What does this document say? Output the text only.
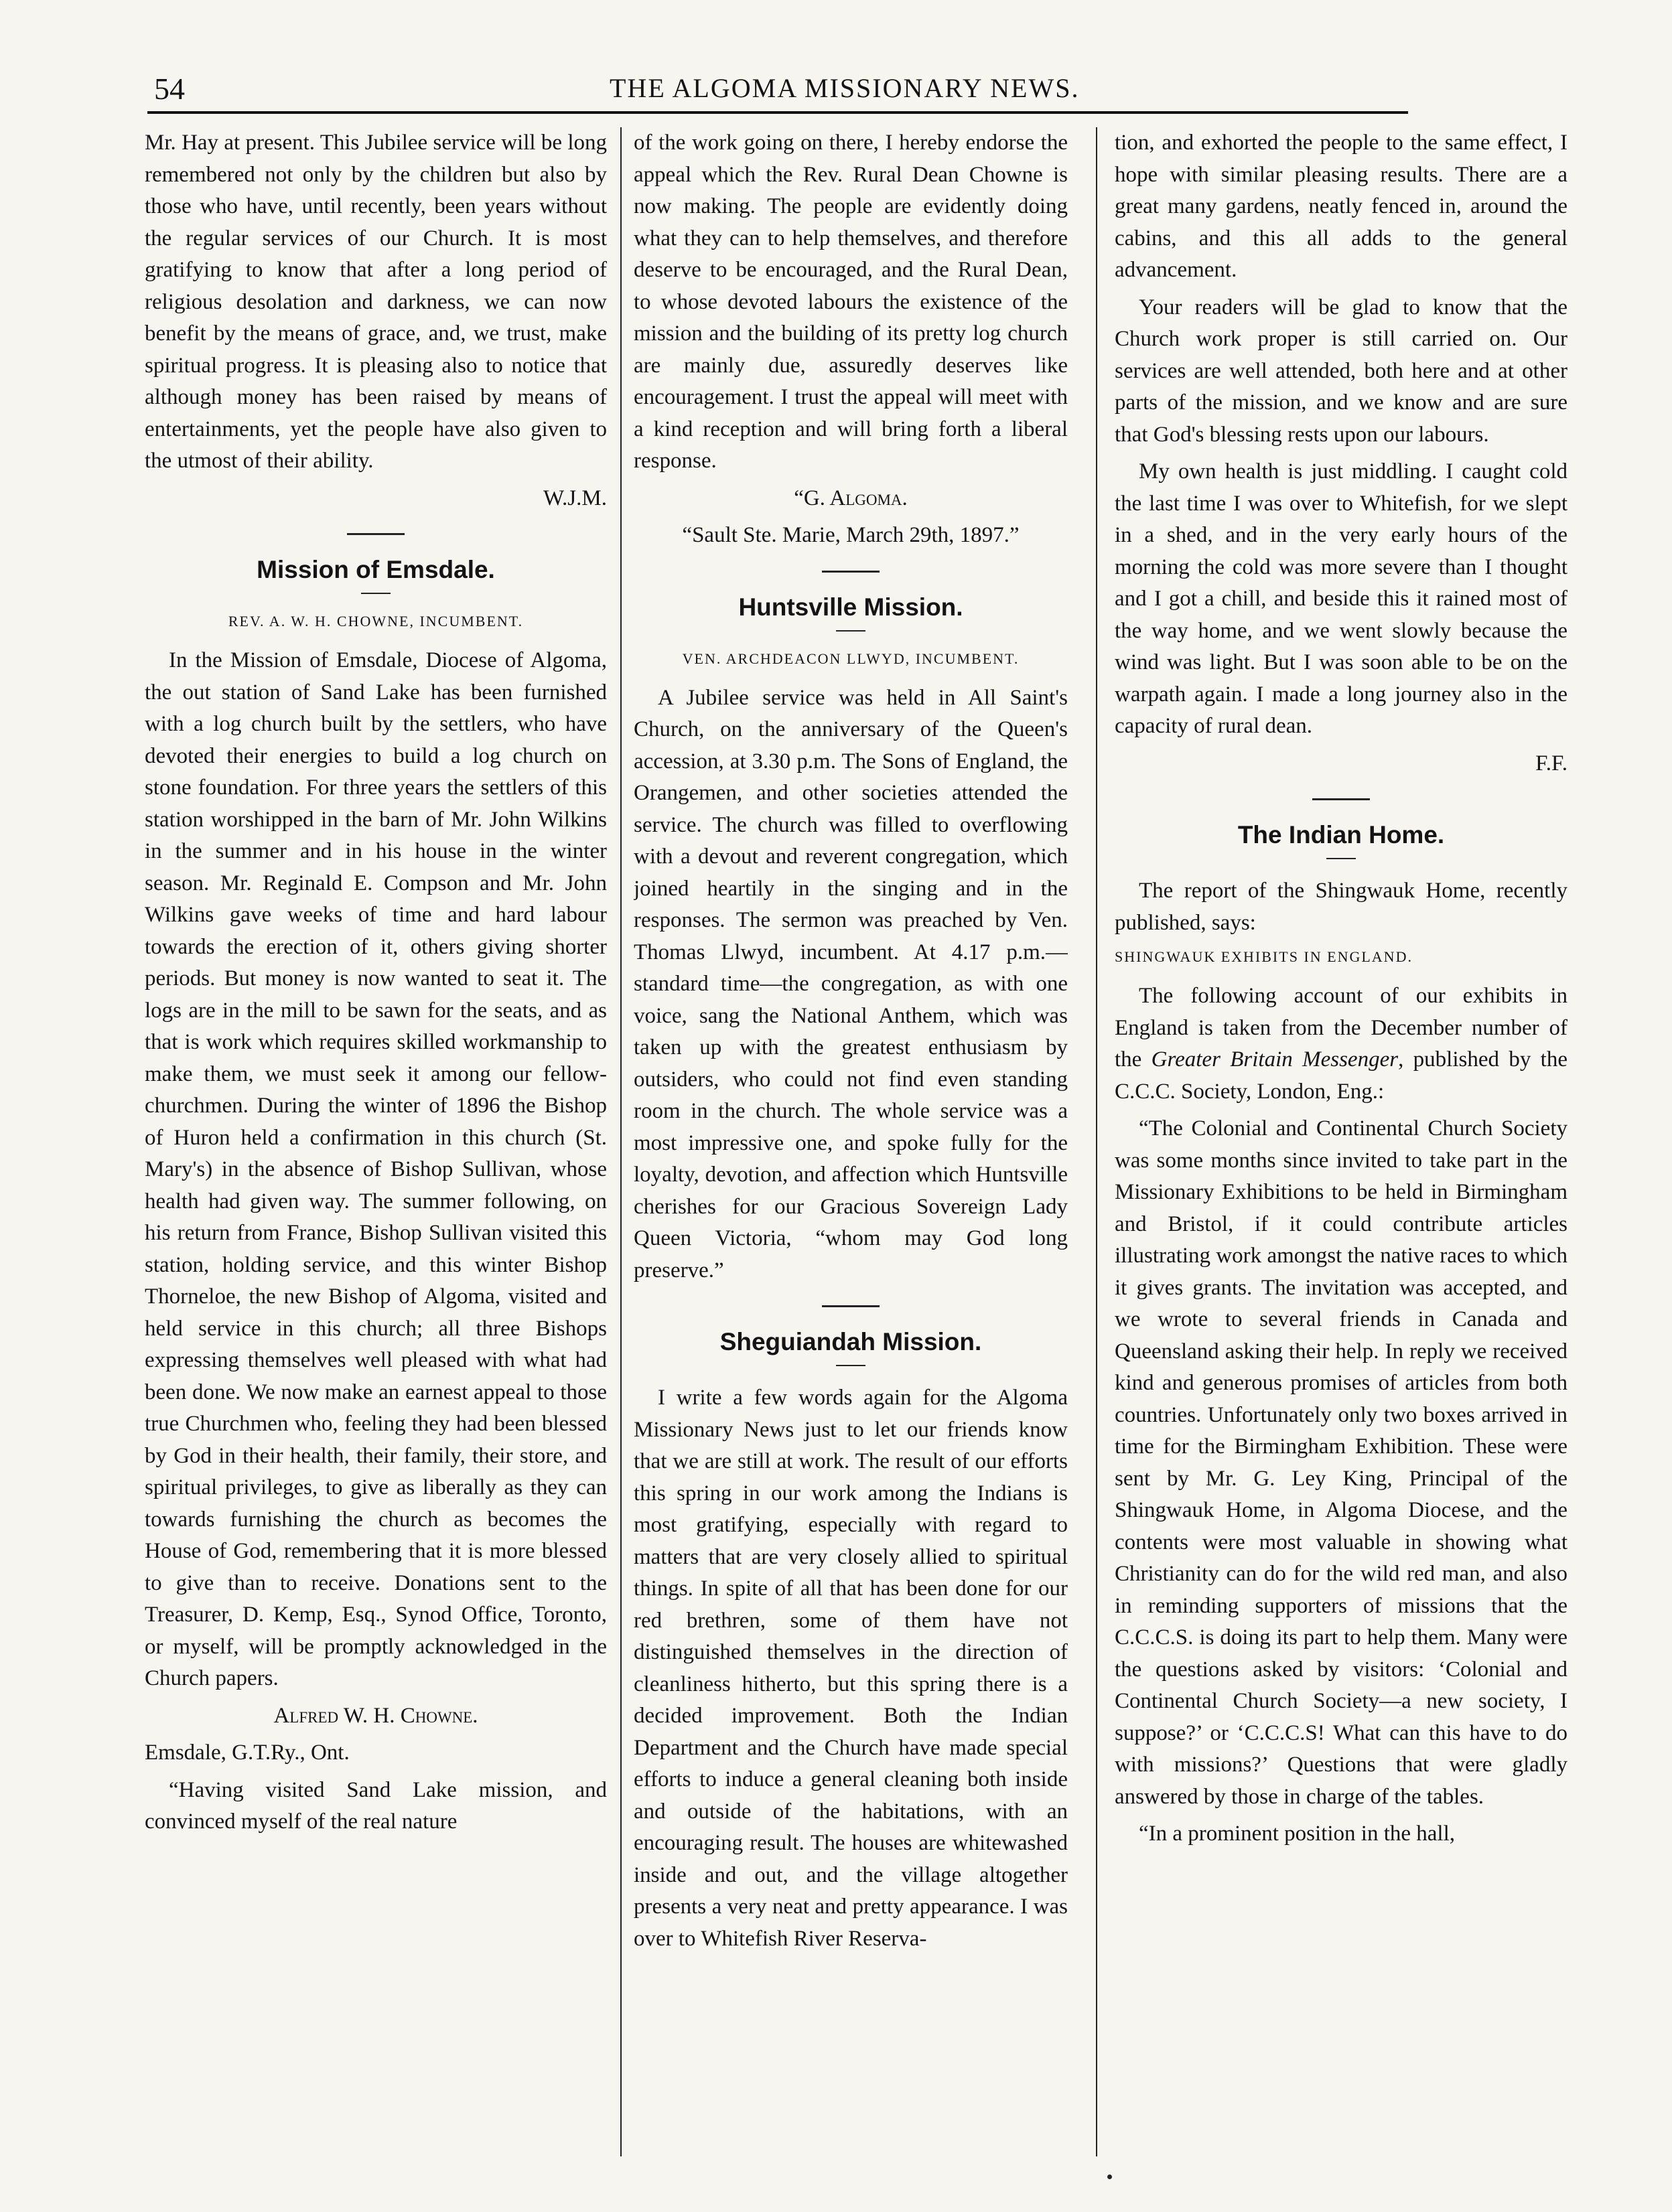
54	THE ALGOMA MISSIONARY NEWS.

Mr. Hay at present. This Jubilee service will be long remembered not only by the children but also by those who have, until recently, been years without the regular services of our Church. It is most gratifying to know that after a long period of religious desolation and darkness, we can now benefit by the means of grace, and, we trust, make spiritual progress. It is pleasing also to notice that although money has been raised by means of entertainments, yet the people have also given to the utmost of their ability.

W.J.M.

Mission of Emsdale.
REV. A. W. H. CHOWNE, INCUMBENT.

In the Mission of Emsdale, Diocese of Algoma, the out station of Sand Lake has been furnished with a log church built by the settlers, who have devoted their energies to build a log church on stone foundation. For three years the settlers of this station worshipped in the barn of Mr. John Wilkins in the summer and in his house in the winter season. Mr. Reginald E. Compson and Mr. John Wilkins gave weeks of time and hard labour towards the erection of it, others giving shorter periods. But money is now wanted to seat it. The logs are in the mill to be sawn for the seats, and as that is work which requires skilled workmanship to make them, we must seek it among our fellow-churchmen. During the winter of 1896 the Bishop of Huron held a confirmation in this church (St. Mary's) in the absence of Bishop Sullivan, whose health had given way. The summer following, on his return from France, Bishop Sullivan visited this station, holding service, and this winter Bishop Thorneloe, the new Bishop of Algoma, visited and held service in this church; all three Bishops expressing themselves well pleased with what had been done. We now make an earnest appeal to those true Churchmen who, feeling they had been blessed by God in their health, their family, their store, and spiritual privileges, to give as liberally as they can towards furnishing the church as becomes the House of God, remembering that it is more blessed to give than to receive. Donations sent to the Treasurer, D. Kemp, Esq., Synod Office, Toronto, or myself, will be promptly acknowledged in the Church papers.

Alfred W. H. Chowne.

Emsdale, G.T.Ry., Ont.

“Having visited Sand Lake mission, and convinced myself of the real nature

of the work going on there, I hereby endorse the appeal which the Rev. Rural Dean Chowne is now making. The people are evidently doing what they can to help themselves, and therefore deserve to be encouraged, and the Rural Dean, to whose devoted labours the existence of the mission and the building of its pretty log church are mainly due, assuredly deserves like encouragement. I trust the appeal will meet with a kind reception and will bring forth a liberal response.

“G. Algoma.

“Sault Ste. Marie, March 29th, 1897.”

Huntsville Mission.
VEN. ARCHDEACON LLWYD, INCUMBENT.

A Jubilee service was held in All Saint's Church, on the anniversary of the Queen's accession, at 3.30 p.m. The Sons of England, the Orangemen, and other societies attended the service. The church was filled to overflowing with a devout and reverent congregation, which joined heartily in the singing and in the responses. The sermon was preached by Ven. Thomas Llwyd, incumbent. At 4.17 p.m.—standard time—the congregation, as with one voice, sang the National Anthem, which was taken up with the greatest enthusiasm by outsiders, who could not find even standing room in the church. The whole service was a most impressive one, and spoke fully for the loyalty, devotion, and affection which Huntsville cherishes for our Gracious Sovereign Lady Queen Victoria, “whom may God long preserve.”

Sheguiandah Mission.

I write a few words again for the Algoma Missionary News just to let our friends know that we are still at work. The result of our efforts this spring in our work among the Indians is most gratifying, especially with regard to matters that are very closely allied to spiritual things. In spite of all that has been done for our red brethren, some of them have not distinguished themselves in the direction of cleanliness hitherto, but this spring there is a decided improvement. Both the Indian Department and the Church have made special efforts to induce a general cleaning both inside and outside of the habitations, with an encouraging result. The houses are whitewashed inside and out, and the village altogether presents a very neat and pretty appearance. I was over to Whitefish River Reserva-

tion, and exhorted the people to the same effect, I hope with similar pleasing results. There are a great many gardens, neatly fenced in, around the cabins, and this all adds to the general advancement.

Your readers will be glad to know that the Church work proper is still carried on. Our services are well attended, both here and at other parts of the mission, and we know and are sure that God's blessing rests upon our labours.

My own health is just middling. I caught cold the last time I was over to Whitefish, for we slept in a shed, and in the very early hours of the morning the cold was more severe than I thought and I got a chill, and beside this it rained most of the way home, and we went slowly because the wind was light. But I was soon able to be on the warpath again. I made a long journey also in the capacity of rural dean.

F.F.

The Indian Home.

The report of the Shingwauk Home, recently published, says:

SHINGWAUK EXHIBITS IN ENGLAND.

The following account of our exhibits in England is taken from the December number of the Greater Britain Messenger, published by the C.C.C. Society, London, Eng.:

“The Colonial and Continental Church Society was some months since invited to take part in the Missionary Exhibitions to be held in Birmingham and Bristol, if it could contribute articles illustrating work amongst the native races to which it gives grants. The invitation was accepted, and we wrote to several friends in Canada and Queensland asking their help. In reply we received kind and generous promises of articles from both countries. Unfortunately only two boxes arrived in time for the Birmingham Exhibition. These were sent by Mr. G. Ley King, Principal of the Shingwauk Home, in Algoma Diocese, and the contents were most valuable in showing what Christianity can do for the wild red man, and also in reminding supporters of missions that the C.C.C.S. is doing its part to help them. Many were the questions asked by visitors: ‘Colonial and Continental Church Society—a new society, I suppose?’ or ‘C.C.C.S! What can this have to do with missions?’ Questions that were gladly answered by those in charge of the tables.

“In a prominent position in the hall,
